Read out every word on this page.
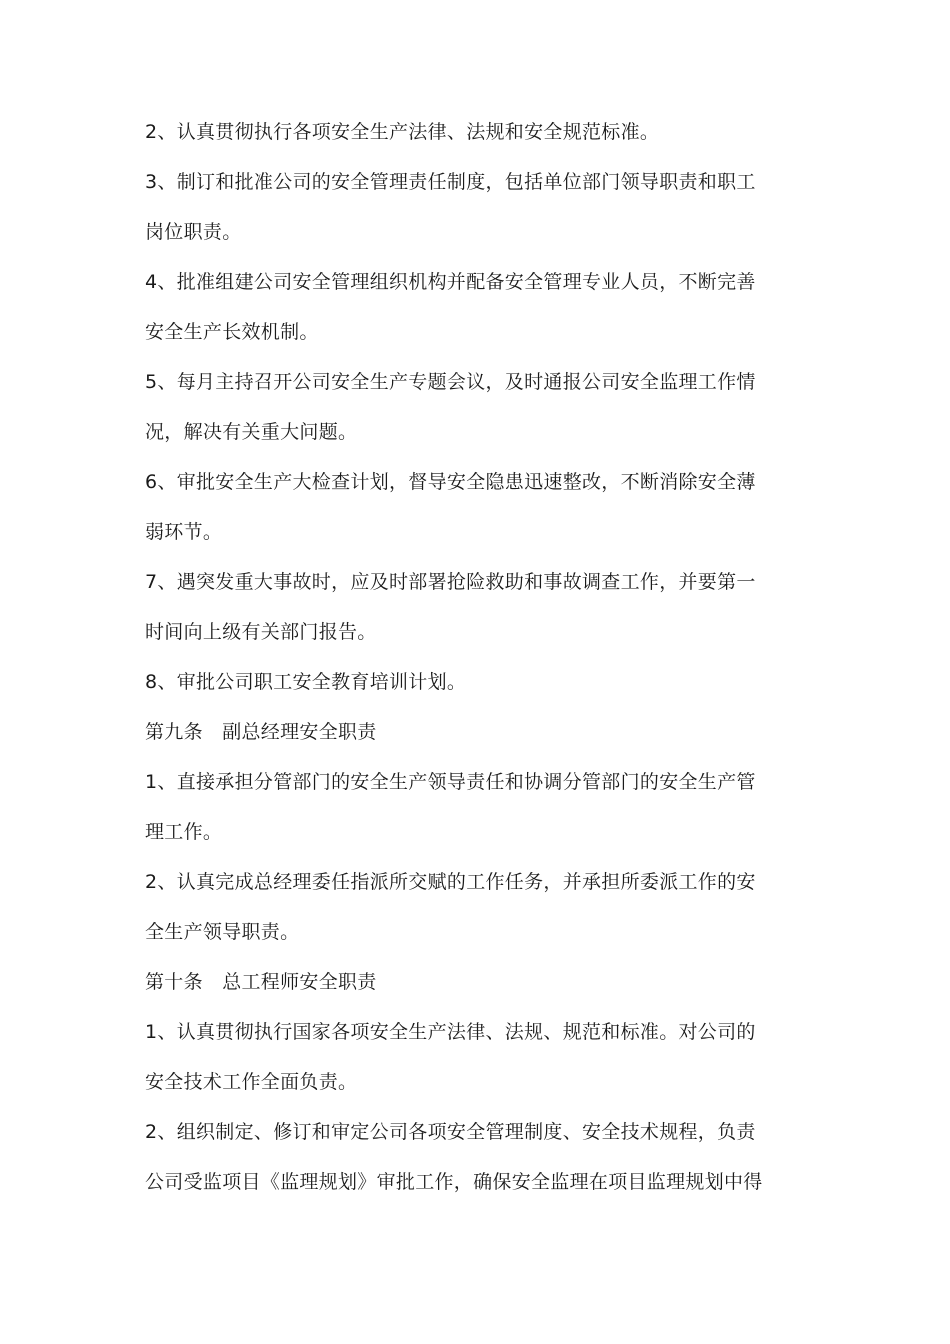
2、认真贯彻执行各项安全生产法律、法规和安全规范标准。
3、制订和批准公司的安全管理责任制度，包括单位部门领导职责和职工
岗位职责。
4、批准组建公司安全管理组织机构并配备安全管理专业人员，不断完善
安全生产长效机制。
5、每月主持召开公司安全生产专题会议，及时通报公司安全监理工作情
况，解决有关重大问题。
6、审批安全生产大检查计划，督导安全隐患迅速整改，不断消除安全薄
弱环节。
7、遇突发重大事故时，应及时部署抢险救助和事故调查工作，并要第一
时间向上级有关部门报告。
8、审批公司职工安全教育培训计划。
第九条　副总经理安全职责
1、直接承担分管部门的安全生产领导责任和协调分管部门的安全生产管
理工作。
2、认真完成总经理委任指派所交赋的工作任务，并承担所委派工作的安
全生产领导职责。
第十条　总工程师安全职责
1、认真贯彻执行国家各项安全生产法律、法规、规范和标准。对公司的
安全技术工作全面负责。
2、组织制定、修订和审定公司各项安全管理制度、安全技术规程，负责
公司受监项目《监理规划》审批工作，确保安全监理在项目监理规划中得
